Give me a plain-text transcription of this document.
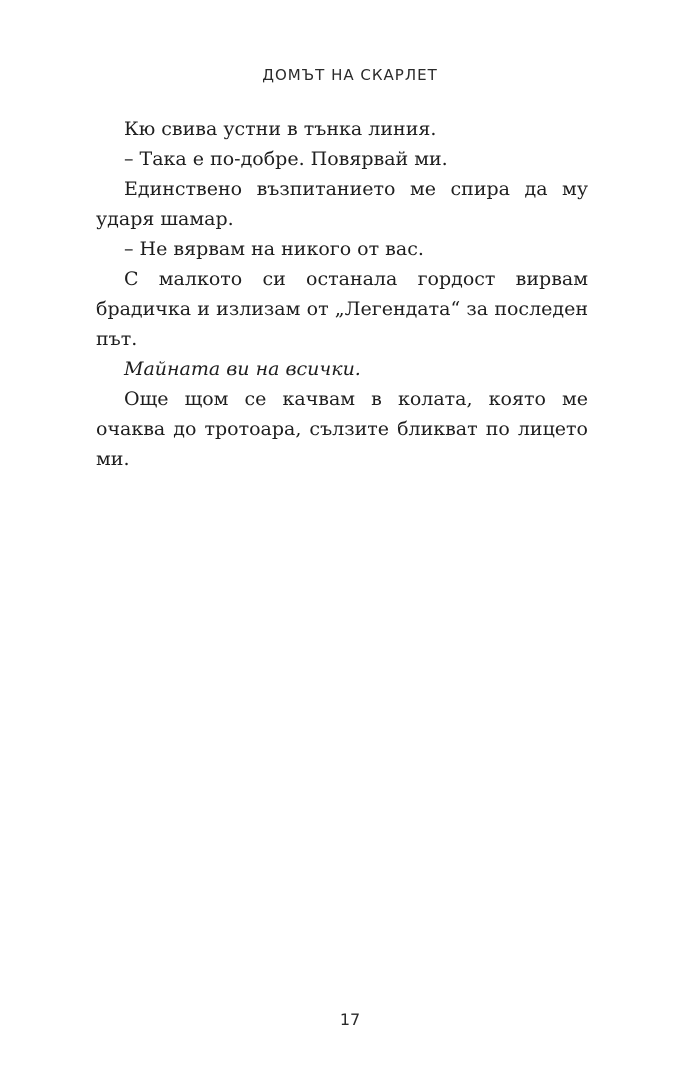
ДОМЪТ НА СКАРЛЕТ

Кю свива устни в тънка линия.

– Така е по-добре. Повярвай ми.

Единствено възпитанието ме спира да му ударя шамар.

– Не вярвам на никого от вас.

С малкото си останала гордост вирвам брадичка и излизам от „Легендата“ за последен път.

Майната ви на всички.

Още щом се качвам в колата, която ме очаква до тротоара, сълзите бликват по лицето ми.

17
